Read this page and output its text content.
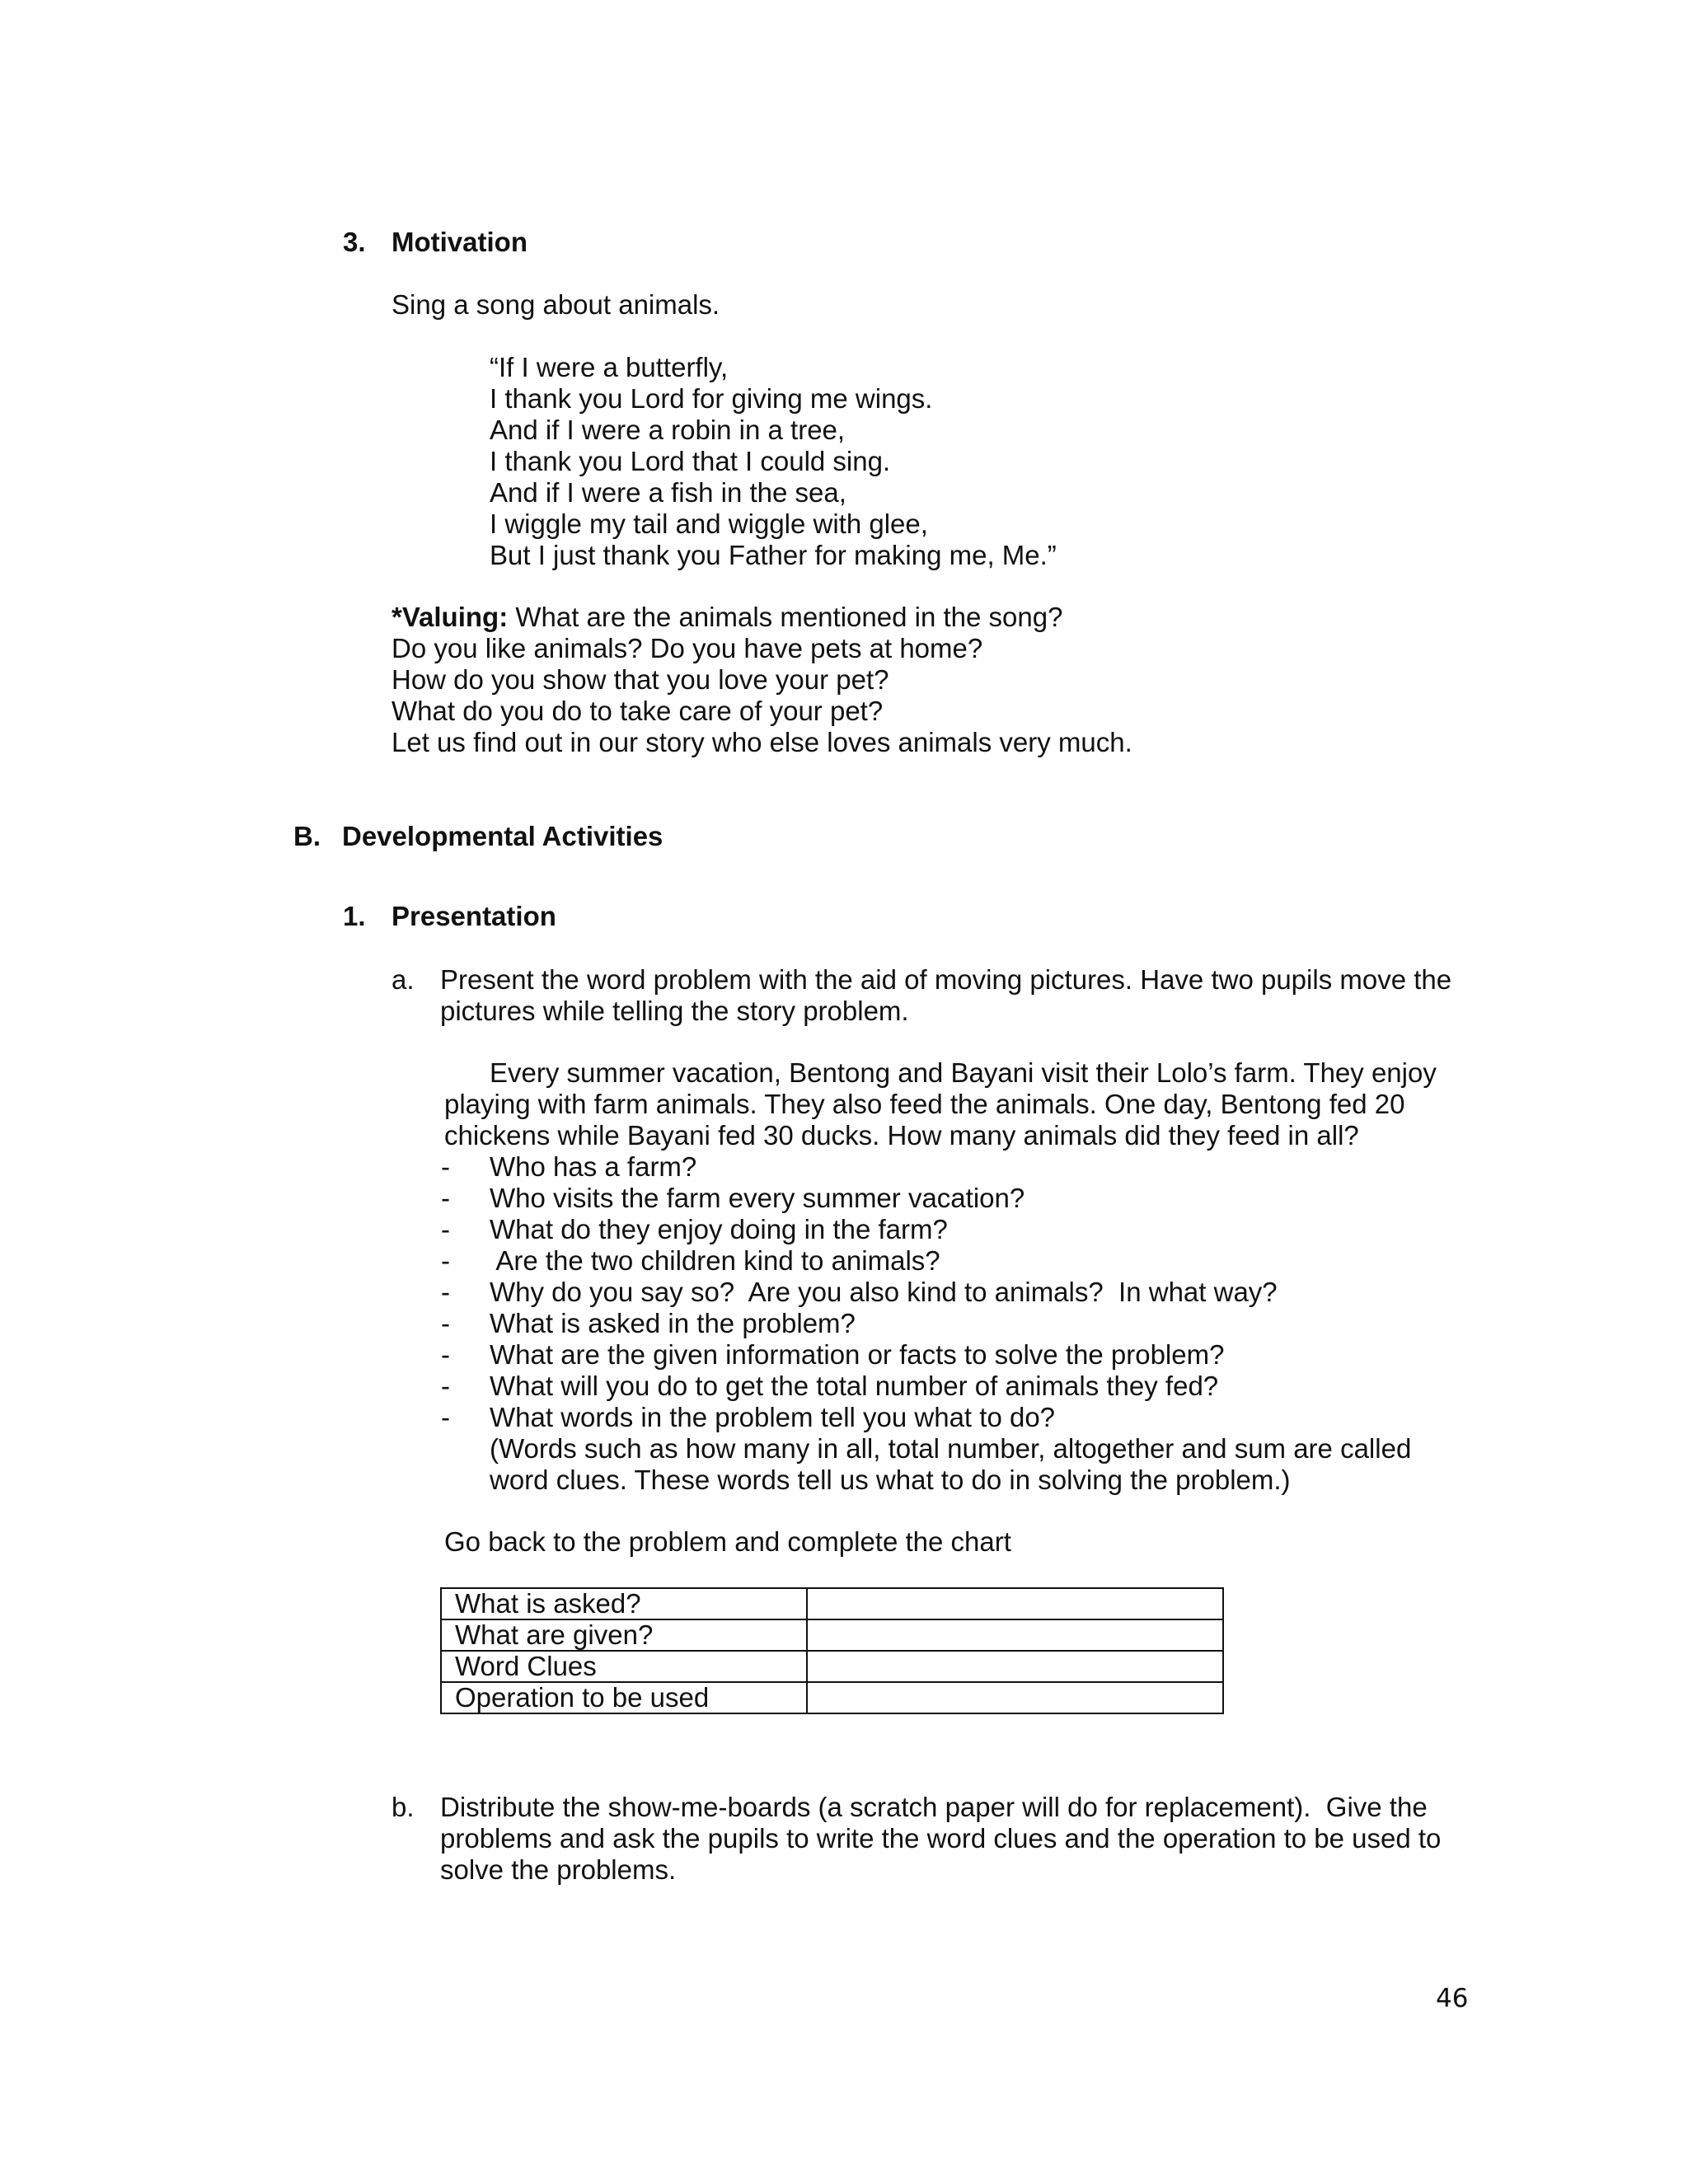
3. Motivation
Sing a song about animals.
“If I were a butterfly,
I thank you Lord for giving me wings.
And if I were a robin in a tree,
I thank you Lord that I could sing.
And if I were a fish in the sea,
I wiggle my tail and wiggle with glee,
But I just thank you Father for making me, Me.”
*Valuing: What are the animals mentioned in the song?
Do you like animals? Do you have pets at home?
How do you show that you love your pet?
What do you do to take care of your pet?
Let us find out in our story who else loves animals very much.
B. Developmental Activities
1. Presentation
a. Present the word problem with the aid of moving pictures. Have two pupils move the
pictures while telling the story problem.
Every summer vacation, Bentong and Bayani visit their Lolo’s farm. They enjoy
playing with farm animals. They also feed the animals. One day, Bentong fed 20
chickens while Bayani fed 30 ducks. How many animals did they feed in all?
- Who has a farm?
- Who visits the farm every summer vacation?
- What do they enjoy doing in the farm?
- Are the two children kind to animals?
- Why do you say so?  Are you also kind to animals?  In what way?
- What is asked in the problem?
- What are the given information or facts to solve the problem?
- What will you do to get the total number of animals they fed?
- What words in the problem tell you what to do?
(Words such as how many in all, total number, altogether and sum are called
word clues. These words tell us what to do in solving the problem.)
Go back to the problem and complete the chart
What is asked?	
What are given?	
Word Clues	
Operation to be used	
b. Distribute the show-me-boards (a scratch paper will do for replacement).  Give the
problems and ask the pupils to write the word clues and the operation to be used to
solve the problems.
46
